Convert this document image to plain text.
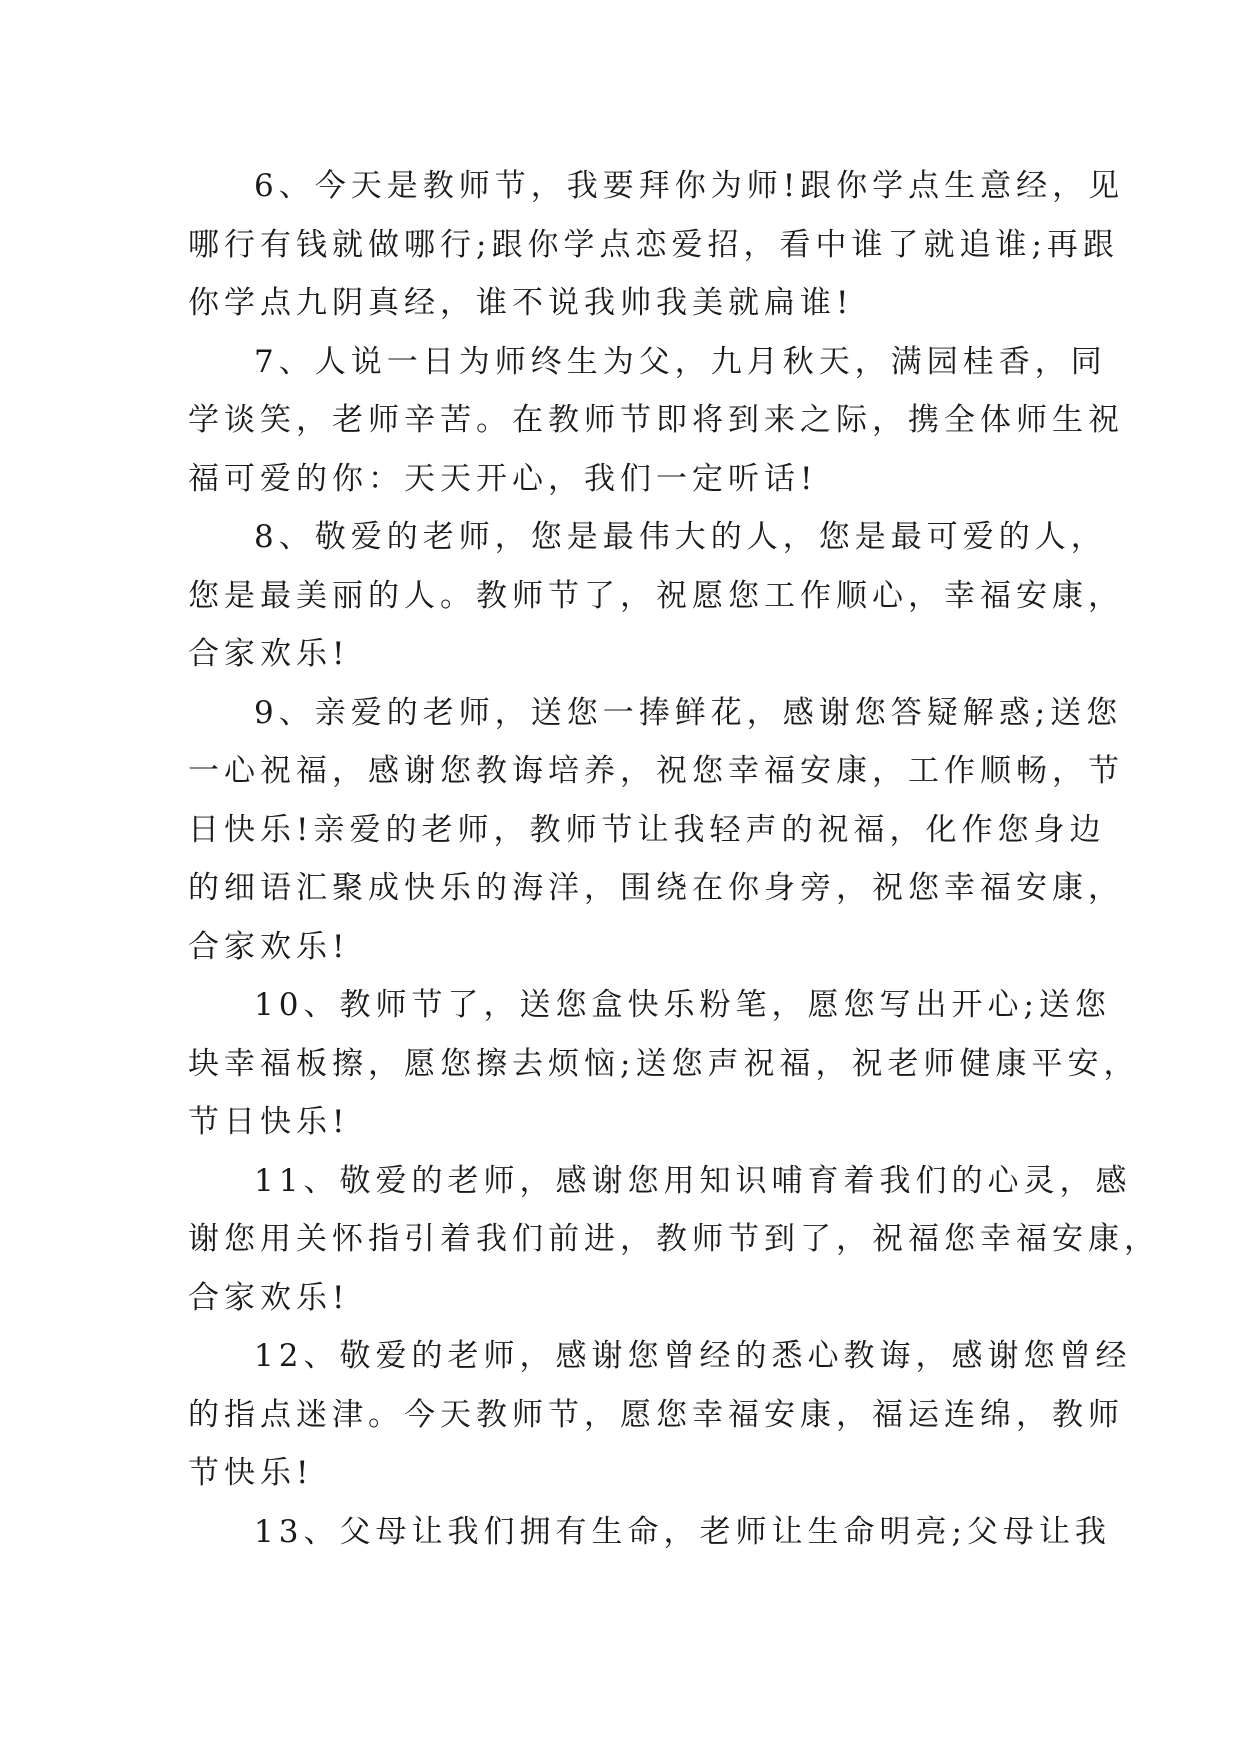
6、今天是教师节，我要拜你为师!跟你学点生意经，见
哪行有钱就做哪行;跟你学点恋爱招，看中谁了就追谁;再跟
你学点九阴真经，谁不说我帅我美就扁谁!
7、人说一日为师终生为父，九月秋天，满园桂香，同
学谈笑，老师辛苦。在教师节即将到来之际，携全体师生祝
福可爱的你：天天开心，我们一定听话!
8、敬爱的老师，您是最伟大的人，您是最可爱的人，
您是最美丽的人。教师节了，祝愿您工作顺心，幸福安康，
合家欢乐!
9、亲爱的老师，送您一捧鲜花，感谢您答疑解惑;送您
一心祝福，感谢您教诲培养，祝您幸福安康，工作顺畅，节
日快乐!亲爱的老师，教师节让我轻声的祝福，化作您身边
的细语汇聚成快乐的海洋，围绕在你身旁，祝您幸福安康，
合家欢乐!
10、教师节了，送您盒快乐粉笔，愿您写出开心;送您
块幸福板擦，愿您擦去烦恼;送您声祝福，祝老师健康平安，
节日快乐!
11、敬爱的老师，感谢您用知识哺育着我们的心灵，感
谢您用关怀指引着我们前进，教师节到了，祝福您幸福安康，
合家欢乐!
12、敬爱的老师，感谢您曾经的悉心教诲，感谢您曾经
的指点迷津。今天教师节，愿您幸福安康，福运连绵，教师
节快乐!
13、父母让我们拥有生命，老师让生命明亮;父母让我
